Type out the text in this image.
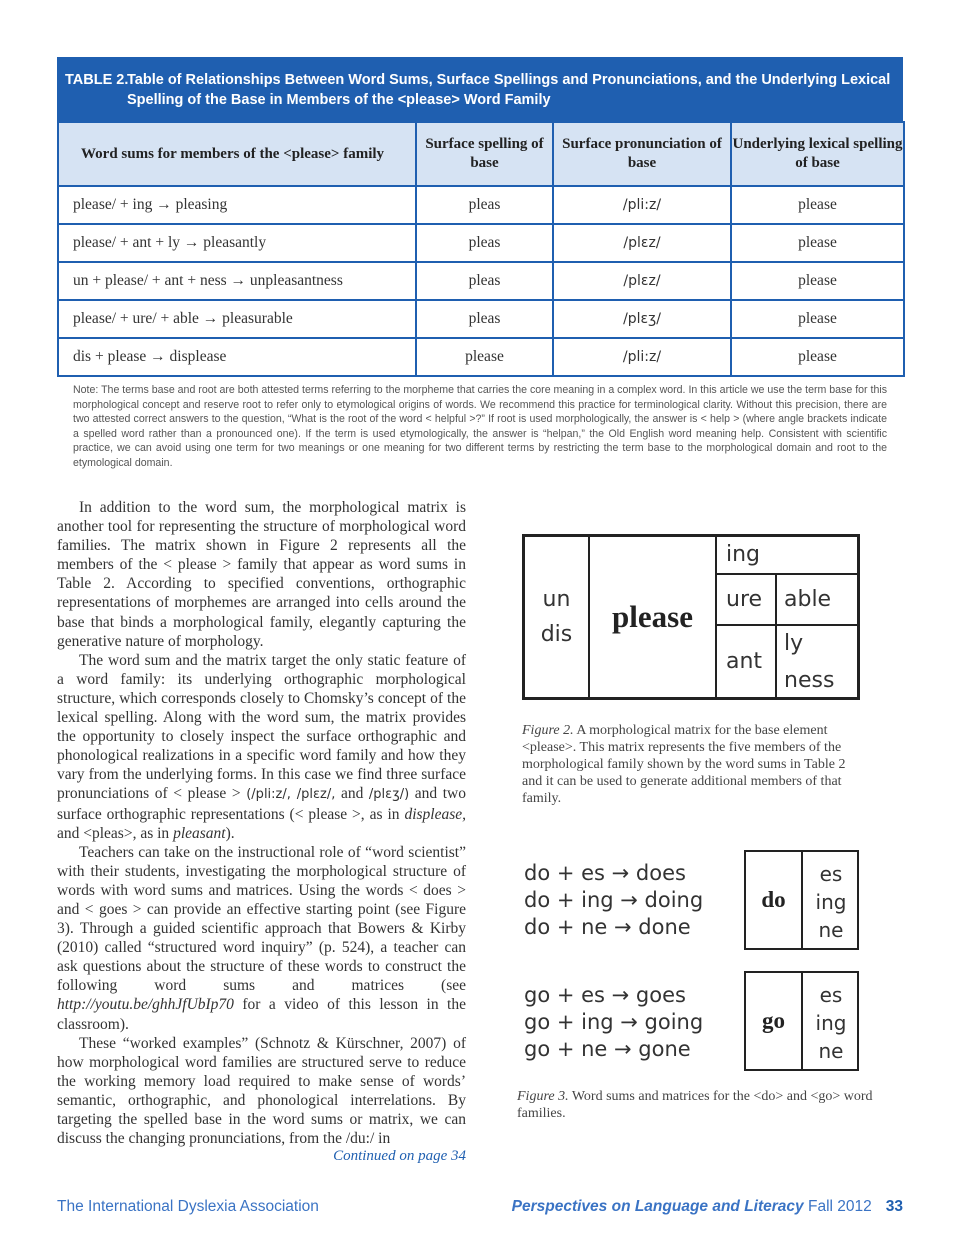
TABLE 2.
Table of Relationships Between Word Sums, Surface Spellings and Pronunciations, and the Underlying Lexical Spelling of the Base in Members of the <please> Word Family
Word sums for members of the <please> family	Surface spelling of base	Surface pronunciation of base	Underlying lexical spelling of base
please/ + ing → pleasing	pleas	/pli:z/	please
please/ + ant + ly → pleasantly	pleas	/plɛz/	please
un + please/ + ant + ness → unpleasantness	pleas	/plɛz/	please
please/ + ure/ + able → pleasurable	pleas	/plɛʒ/	please
dis + please → displease	please	/pli:z/	please

Note: The terms base and root are both attested terms referring to the morpheme that carries the core meaning in a complex word. In this article we use the term base for this morphological concept and reserve root to refer only to etymological origins of words. We recommend this practice for terminological clarity. Without this precision, there are two attested correct answers to the question, “What is the root of the word < helpful >?” If root is used morphologically, the answer is < help > (where angle brackets indicate a spelled word rather than a pronounced one). If the term is used etymologically, the answer is “helpan,” the Old English word meaning help. Consistent with scientific practice, we can avoid using one term for two meanings or one meaning for two different terms by restricting the term base to the morphological domain and root to the etymological domain.

In addition to the word sum, the morphological matrix is another tool for representing the structure of morphological word families. The matrix shown in Figure 2 represents all the members of the < please > family that appear as word sums in Table 2. According to specified conventions, orthographic representations of morphemes are arranged into cells around the base that binds a morphological family, elegantly capturing the generative nature of morphology.

The word sum and the matrix target the only static feature of a word family: its underlying orthographic morphological structure, which corresponds closely to Chomsky’s concept of the lexical spelling. Along with the word sum, the matrix provides the opportunity to closely inspect the surface orthographic and phonological realizations in a specific word family and how they vary from the underlying forms. In this case we find three surface pronunciations of < please > (/pli:z/, /plɛz/, and /plɛʒ/) and two surface orthographic representations (< please >, as in displease, and <pleas>, as in pleasant).

Teachers can take on the instructional role of “word scientist” with their students, investigating the morphological structure of words with word sums and matrices. Using the words < does > and < goes > can provide an effective starting point (see Figure 3). Through a guided scientific approach that Bowers & Kirby (2010) called “structured word inquiry” (p. 524), a teacher can ask questions about the structure of these words to construct the following word sums and matrices (see http://youtu.be/ghhJfUbIp70 for a video of this lesson in the classroom).

These “worked examples” (Schnotz & Kürschner, 2007) of how morphological word families are structured serve to reduce the working memory load required to make sense of words’ semantic, orthographic, and phonological interrelations. By targeting the spelled base in the word sums or matrix, we can discuss the changing pronunciations, from the /du:/ in

Continued on page 34
un
dis
please
ing
ure able
ant
ly
ness

Figure 2. A morphological matrix for the base element <please>. This matrix represents the five members of the morphological family shown by the word sums in Table 2 and it can be used to generate additional members of that family.

do + es → does
do + ing → doing
do + ne → done
do
es
ing
ne
go + es → goes
go + ing → going
go + ne → gone
go
es
ing
ne

Figure 3. Word sums and matrices for the <do> and <go> word families.

The International Dyslexia Association	Perspectives on Language and Literacy Fall 2012 33
